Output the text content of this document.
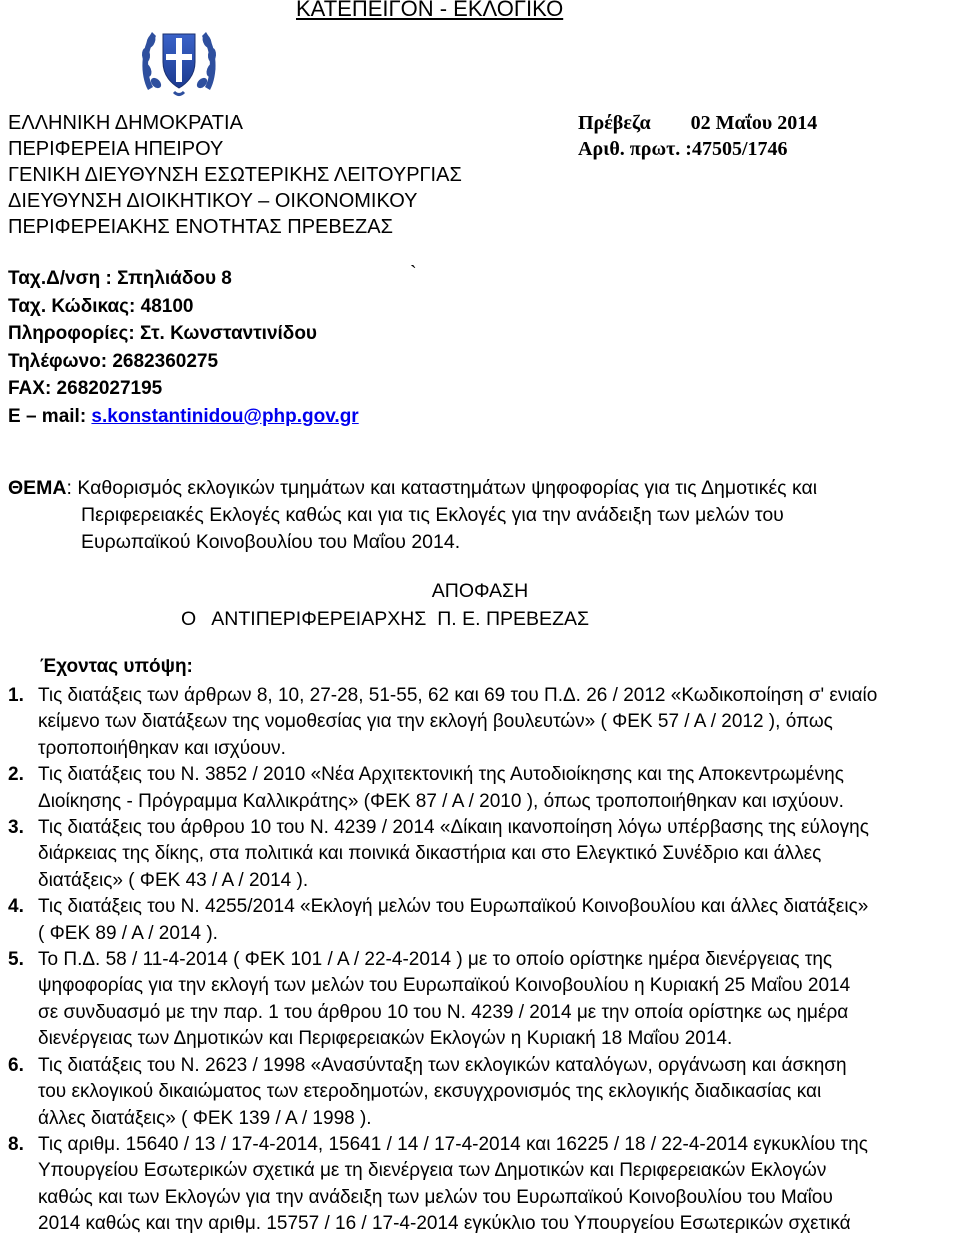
ΚΑΤΕΠΕΙΓΟΝ - ΕΚΛΟΓΙΚΟ
ΕΛΛΗΝΙΚΗ ΔΗΜΟΚΡΑΤΙΑ
ΠΕΡΙΦΕΡΕΙΑ ΗΠΕΙΡΟΥ
ΓΕΝΙΚΗ ΔΙΕΥΘΥΝΣΗ ΕΣΩΤΕΡΙΚΗΣ ΛΕΙΤΟΥΡΓΙΑΣ
ΔΙΕΥΘΥΝΣΗ ΔΙΟΙΚΗΤΙΚΟΥ – ΟΙΚΟΝΟΜΙΚΟΥ
ΠΕΡΙΦΕΡΕΙΑΚΗΣ ΕΝΟΤΗΤΑΣ ΠΡΕΒΕΖΑΣ
Πρέβεζα 02 Μαΐου 2014
Αριθ. πρωτ. :47505/1746
`
Ταχ.Δ/νση : Σπηλιάδου 8
Ταχ. Κώδικας: 48100
Πληροφορίες: Στ. Κωνσταντινίδου
Τηλέφωνο: 2682360275
FAX: 2682027195
E – mail: s.konstantinidou@php.gov.gr
ΘΕΜΑ: Καθορισμός εκλογικών τμημάτων και καταστημάτων ψηφοφορίας για τις Δημοτικές και
Περιφερειακές Εκλογές καθώς και για τις Εκλογές για την ανάδειξη των μελών του
Ευρωπαϊκού Κοινοβουλίου του Μαΐου 2014.
ΑΠΟΦΑΣΗ
Ο   ΑΝΤΙΠΕΡΙΦΕΡΕΙΑΡΧΗΣ  Π. Ε. ΠΡΕΒΕΖΑΣ
Έχοντας υπόψη:
1. Τις διατάξεις των άρθρων 8, 10, 27-28, 51-55, 62 και 69 του Π.Δ. 26 / 2012 «Κωδικοποίηση σ' ενιαίο
κείμενο των διατάξεων της νομοθεσίας για την εκλογή βουλευτών» ( ΦΕΚ 57 / Α / 2012 ), όπως
τροποποιήθηκαν και ισχύουν.
2. Τις διατάξεις του Ν. 3852 / 2010 «Νέα Αρχιτεκτονική της Αυτοδιοίκησης και της Αποκεντρωμένης
Διοίκησης - Πρόγραμμα Καλλικράτης» (ΦΕΚ 87 / Α / 2010 ), όπως τροποποιήθηκαν και ισχύουν.
3. Τις διατάξεις του άρθρου 10 του Ν. 4239 / 2014 «Δίκαιη ικανοποίηση λόγω υπέρβασης της εύλογης
διάρκειας της δίκης, στα πολιτικά και ποινικά δικαστήρια και στο Ελεγκτικό Συνέδριο και άλλες
διατάξεις» ( ΦΕΚ 43 / Α / 2014 ).
4. Τις διατάξεις του Ν. 4255/2014 «Εκλογή μελών του Ευρωπαϊκού Κοινοβουλίου και άλλες διατάξεις»
( ΦΕΚ 89 / Α / 2014 ).
5. Το Π.Δ. 58 / 11-4-2014 ( ΦΕΚ 101 / Α / 22-4-2014 ) με το οποίο ορίστηκε ημέρα διενέργειας της
ψηφοφορίας για την εκλογή των μελών του Ευρωπαϊκού Κοινοβουλίου η Κυριακή 25 Μαΐου 2014
σε συνδυασμό με την παρ. 1 του άρθρου 10 του Ν. 4239 / 2014 με την οποία ορίστηκε ως ημέρα
διενέργειας των Δημοτικών και Περιφερειακών Εκλογών η Κυριακή 18 Μαΐου 2014.
6. Τις διατάξεις του Ν. 2623 / 1998 «Ανασύνταξη των εκλογικών καταλόγων, οργάνωση και άσκηση
του εκλογικού δικαιώματος των ετεροδημοτών, εκσυγχρονισμός της εκλογικής διαδικασίας και
άλλες διατάξεις» ( ΦΕΚ 139 / Α / 1998 ).
8. Τις αριθμ. 15640 / 13 / 17-4-2014, 15641 / 14 / 17-4-2014 και 16225 / 18 / 22-4-2014 εγκυκλίου της
Υπουργείου Εσωτερικών σχετικά με τη διενέργεια των Δημοτικών και Περιφερειακών Εκλογών
καθώς και των Εκλογών για την ανάδειξη των μελών του Ευρωπαϊκού Κοινοβουλίου του Μαΐου
2014 καθώς και την αριθμ. 15757 / 16 / 17-4-2014 εγκύκλιο του Υπουργείου Εσωτερικών σχετικά
